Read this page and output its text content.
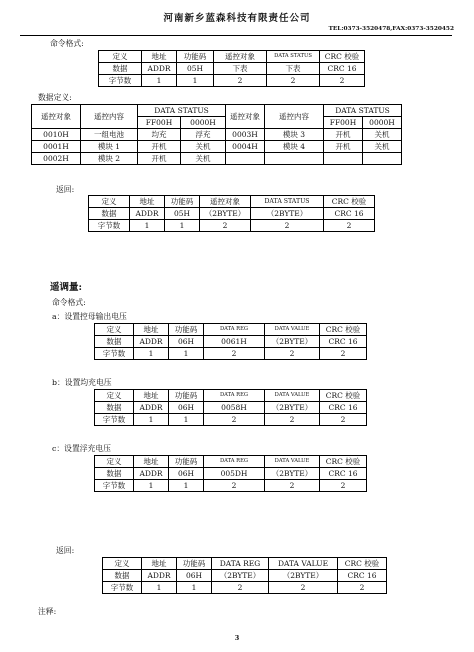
河南新乡蓝森科技有限责任公司
TEL:0373-3520478,FAX:0373-3520452
命令格式:
定义	地址	功能码	遥控对象	DATA STATUS	CRC 校验
数据	ADDR	05H	下表	下表	CRC 16
字节数	1	1	2	2	2
数据定义:
遥控对象	遥控内容	DATA STATUS		遥控对象	遥控内容	DATA STATUS	
		FF00H	0000H			FF00H	0000H
0010H	一组电池	均充	浮充	0003H	模块 3	开机	关机
0001H	模块 1	开机	关机	0004H	模块 4	开机	关机
0002H	模块 2	开机	关机				
返回:
定义	地址	功能码	遥控对象	DATA STATUS	CRC 校验
数据	ADDR	05H	（2BYTE）	（2BYTE）	CRC 16
字节数	1	1	2	2	2
遥调量:
命令格式:
a：设置控母输出电压
定义	地址	功能码	DATA REG	DATA VALUE	CRC 校验
数据	ADDR	06H	0061H	（2BYTE）	CRC 16
字节数	1	1	2	2	2
b：设置均充电压
定义	地址	功能码	DATA REG	DATA VALUE	CRC 校验
数据	ADDR	06H	0058H	（2BYTE）	CRC 16
字节数	1	1	2	2	2
c：设置浮充电压
定义	地址	功能码	DATA REG	DATA VALUE	CRC 校验
数据	ADDR	06H	005DH	（2BYTE）	CRC 16
字节数	1	1	2	2	2
返回:
定义	地址	功能码	DATA REG	DATA VALUE	CRC 校验
数据	ADDR	06H	（2BYTE）	（2BYTE）	CRC 16
字节数	1	1	2	2	2
注释:
3
